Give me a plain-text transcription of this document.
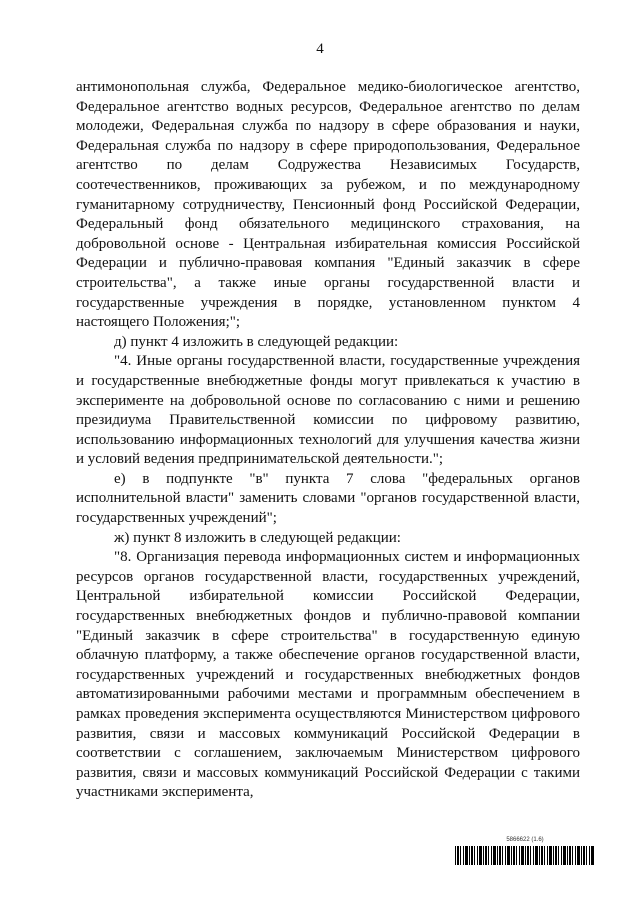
4

антимонопольная служба, Федеральное медико-биологическое агентство, Федеральное агентство водных ресурсов, Федеральное агентство по делам молодежи, Федеральная служба по надзору в сфере образования и науки, Федеральная служба по надзору в сфере природопользования, Федеральное агентство по делам Содружества Независимых Государств, соотечественников, проживающих за рубежом, и по международному гуманитарному сотрудничеству, Пенсионный фонд Российской Федерации, Федеральный фонд обязательного медицинского страхования, на добровольной основе - Центральная избирательная комиссия Российской Федерации и публично-правовая компания "Единый заказчик в сфере строительства", а также иные органы государственной власти и государственные учреждения в порядке, установленном пунктом 4 настоящего Положения;";

д) пункт 4 изложить в следующей редакции:

"4. Иные органы государственной власти, государственные учреждения и государственные внебюджетные фонды могут привлекаться к участию в эксперименте на добровольной основе по согласованию с ними и решению президиума Правительственной комиссии по цифровому развитию, использованию информационных технологий для улучшения качества жизни и условий ведения предпринимательской деятельности.";

е) в подпункте "в" пункта 7 слова "федеральных органов исполнительной власти" заменить словами "органов государственной власти, государственных учреждений";

ж) пункт 8 изложить в следующей редакции:

"8. Организация перевода информационных систем и информационных ресурсов органов государственной власти, государственных учреждений, Центральной избирательной комиссии Российской Федерации, государственных внебюджетных фондов и публично-правовой компании "Единый заказчик в сфере строительства" в государственную единую облачную платформу, а также обеспечение органов государственной власти, государственных учреждений и государственных внебюджетных фондов автоматизированными рабочими местами и программным обеспечением в рамках проведения эксперимента осуществляются Министерством цифрового развития, связи и массовых коммуникаций Российской Федерации в соответствии с соглашением, заключаемым Министерством цифрового развития, связи и массовых коммуникаций Российской Федерации с такими участниками эксперимента,

5866622 (1.6)
